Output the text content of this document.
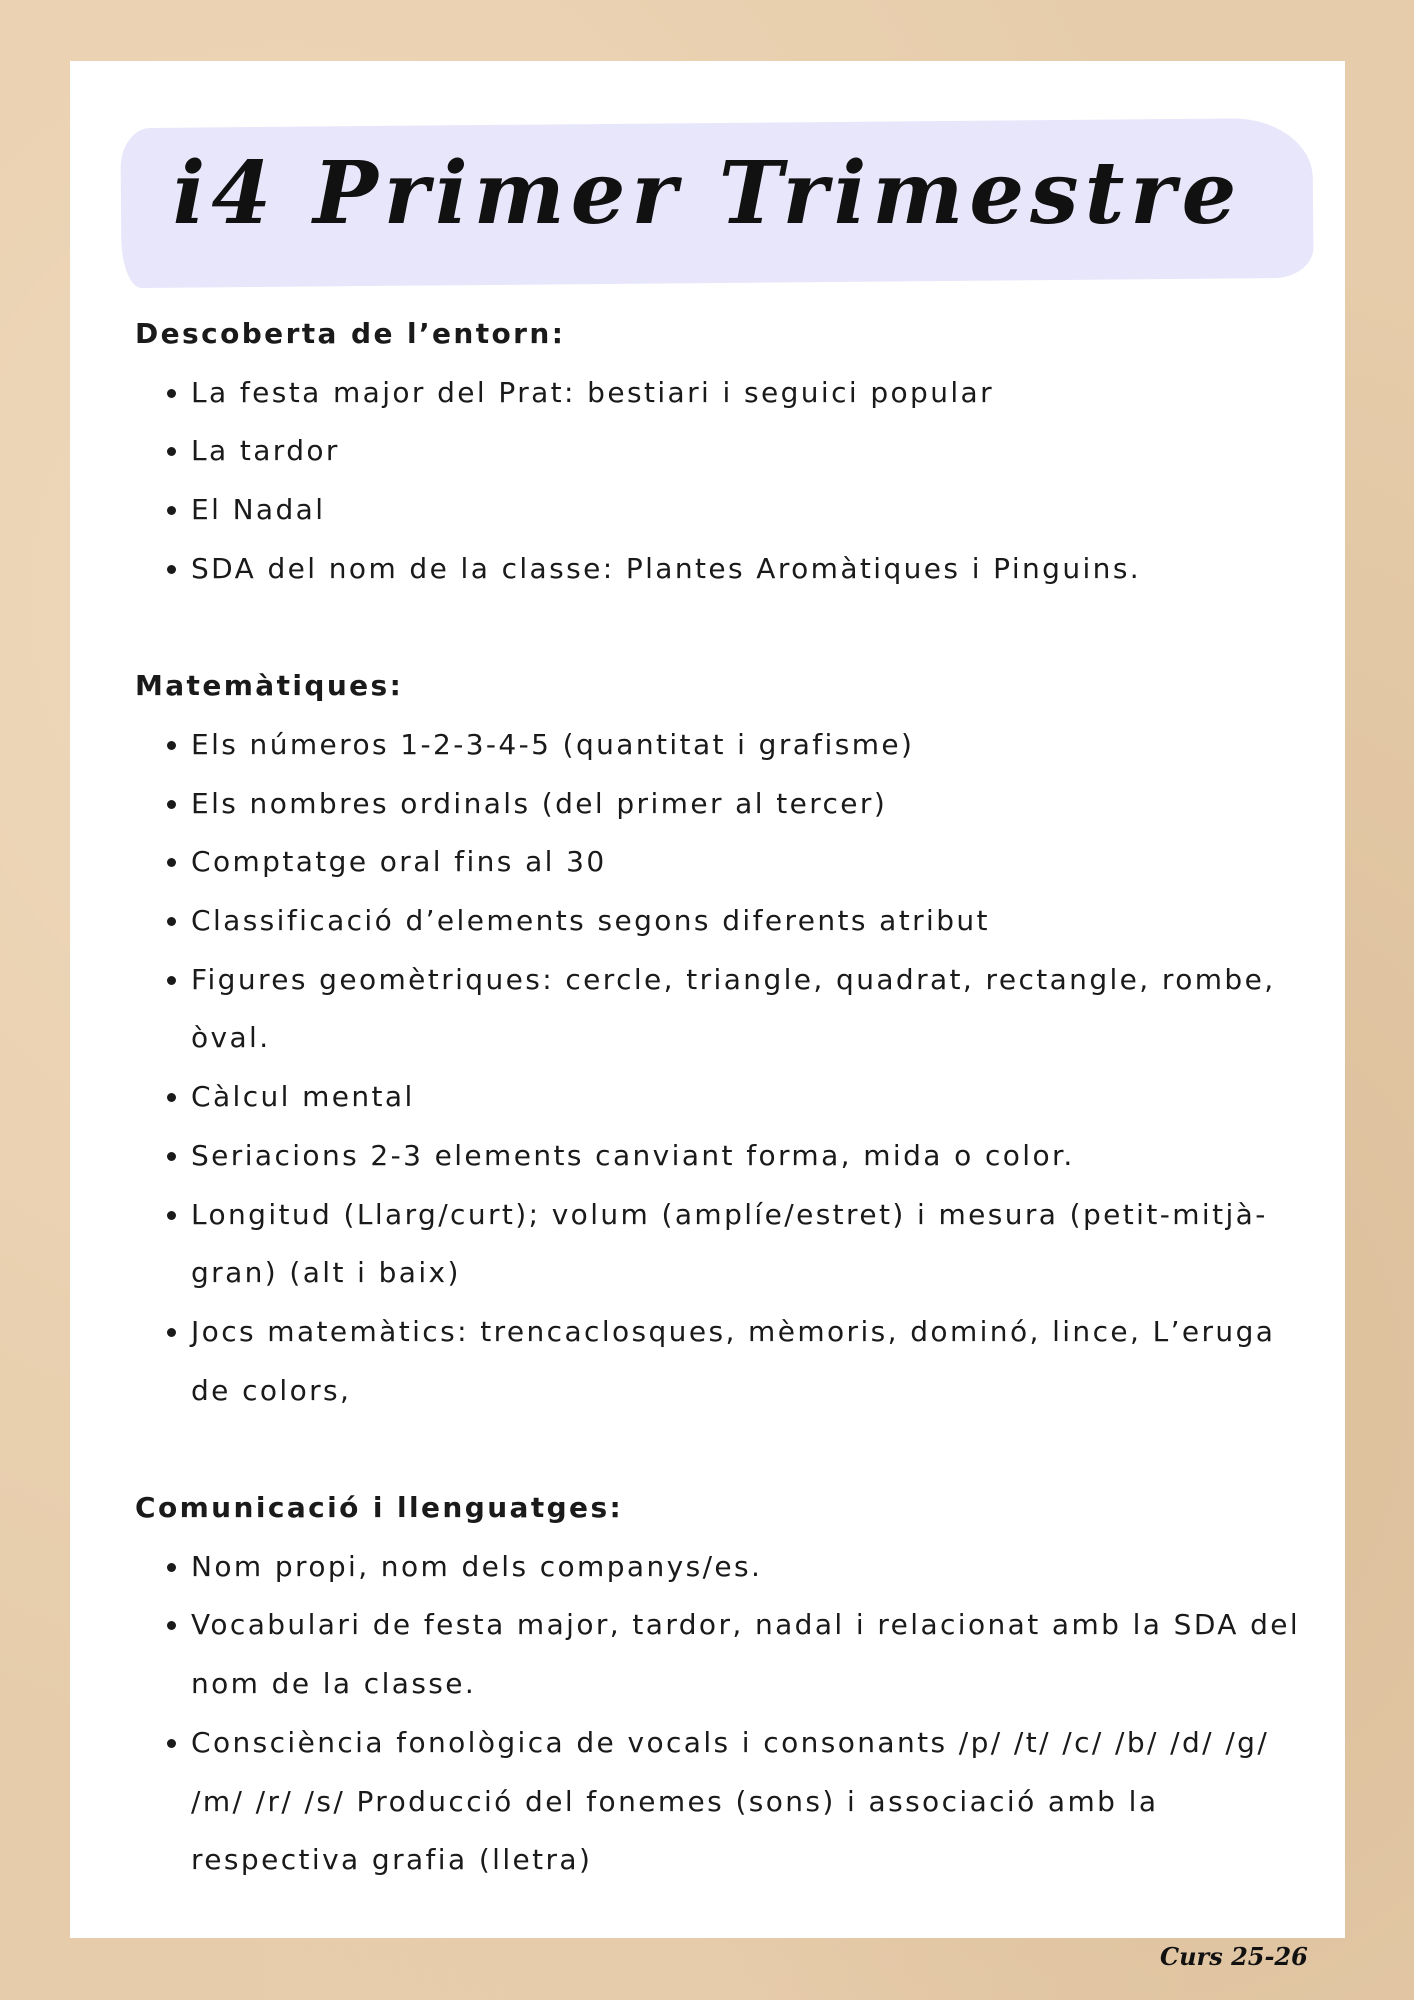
i4 Primer Trimestre

Descoberta de l’entorn:

• La festa major del Prat: bestiari i seguici popular
• La tardor
• El Nadal
• SDA del nom de la classe: Plantes Aromàtiques i Pinguins.

Matemàtiques:

• Els números 1-2-3-4-5 (quantitat i grafisme)
• Els nombres ordinals (del primer al tercer)
• Comptatge oral fins al 30
• Classificació d’elements segons diferents atribut
• Figures geomètriques: cercle, triangle, quadrat, rectangle, rombe, òval.
• Càlcul mental
• Seriacions 2-3 elements canviant forma, mida o color.
• Longitud (Llarg/curt); volum (amplíe/estret) i mesura (petit-mitjà-gran) (alt i baix)
• Jocs matemàtics: trencaclosques, mèmoris, dominó, lince, L’eruga de colors,

Comunicació i llenguatges:

• Nom propi, nom dels companys/es.
• Vocabulari de festa major, tardor, nadal i relacionat amb la SDA del nom de la classe.
• Consciència fonològica de vocals i consonants /p/ /t/ /c/ /b/ /d/ /g/ /m/ /r/ /s/ Producció del fonemes (sons) i associació amb la respectiva grafia (lletra)
Curs 25-26
